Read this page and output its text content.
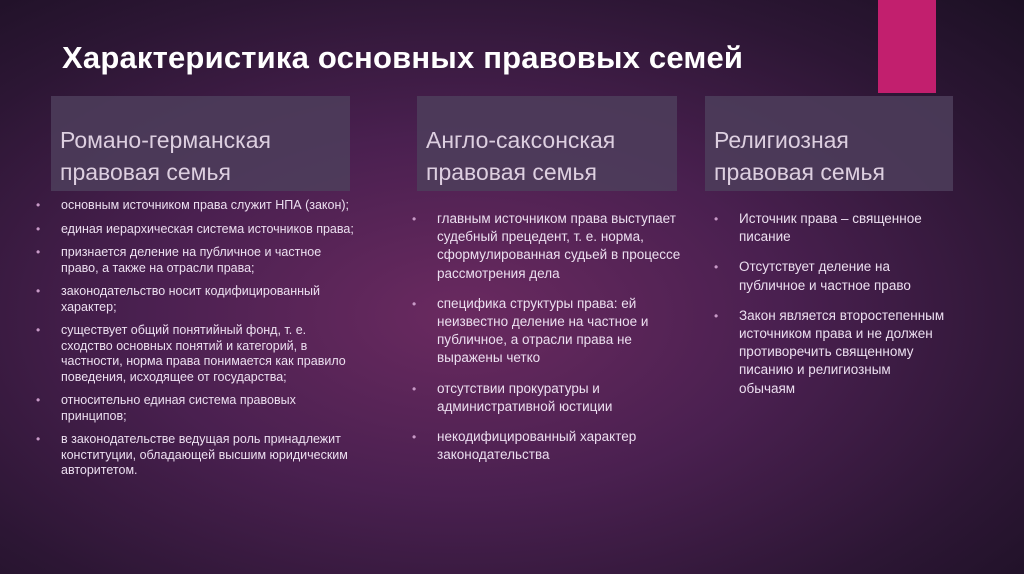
Характеристика основных правовых семей
Романо-германская
правовая семья
• основным источником права служит НПА (закон);
• единая иерархическая система источников права;
• признается деление на публичное и частное право, а также на отрасли права;
• законодательство носит кодифицированный характер;
• существует общий понятийный фонд, т. е. сходство основных понятий и категорий, в частности, норма права понимается как правило поведения, исходящее от государства;
• относительно единая система правовых принципов;
• в законодательстве ведущая роль принадлежит конституции, обладающей высшим юридическим авторитетом.
Англо-саксонская
правовая семья
• главным источником права выступает судебный прецедент, т. е. норма, сформулированная судьей в процессе рассмотрения дела
• специфика структуры права: ей неизвестно деление на частное и публичное, а отрасли права не выражены четко
• отсутствии прокуратуры и административной юстиции
• некодифицированный характер законодательства
Религиозная
правовая семья
• Источник права – священное писание
• Отсутствует деление на публичное и частное право
• Закон является второстепенным источником права и не должен противоречить священному писанию и религиозным обычаям
